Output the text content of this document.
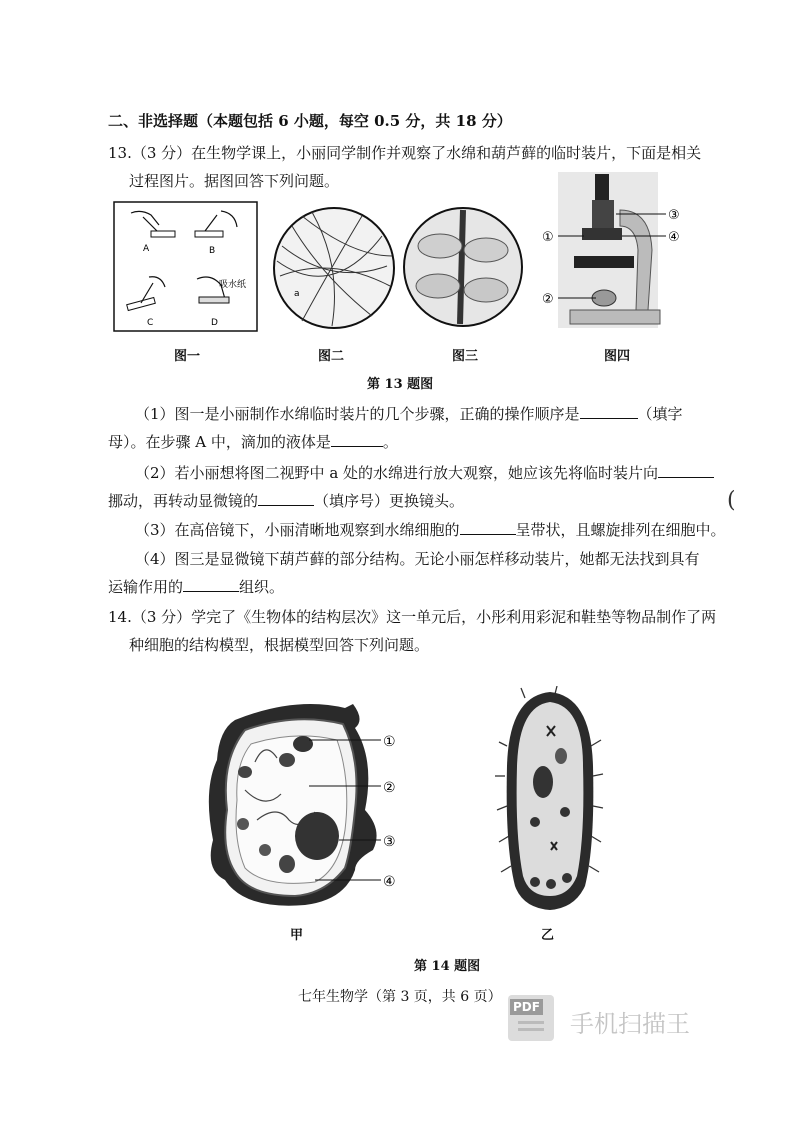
二、非选择题（本题包括 6 小题，每空 0.5 分，共 18 分）
13.（3 分）在生物学课上，小丽同学制作并观察了水绵和葫芦藓的临时装片，下面是相关
过程图片。据图回答下列问题。
A	B
C	D
吸水纸
a
①
②
③
④
图一	图二	图三	图四
第 13 题图
（1）图一是小丽制作水绵临时装片的几个步骤，正确的操作顺序是	（填字
母）。在步骤 A 中，滴加的液体是	。
（2）若小丽想将图二视野中 a 处的水绵进行放大观察，她应该先将临时装片向
挪动，再转动显微镜的	（填序号）更换镜头。
（3）在高倍镜下，小丽清晰地观察到水绵细胞的	呈带状，且螺旋排列在细胞中。
（4）图三是显微镜下葫芦藓的部分结构。无论小丽怎样移动装片，她都无法找到具有
运输作用的	组织。
(
14.（3 分）学完了《生物体的结构层次》这一单元后，小彤利用彩泥和鞋垫等物品制作了两
种细胞的结构模型，根据模型回答下列问题。
①
②
③
④
甲	乙
第 14 题图
七年生物学（第 3 页，共 6 页）
PDF
手机扫描王
